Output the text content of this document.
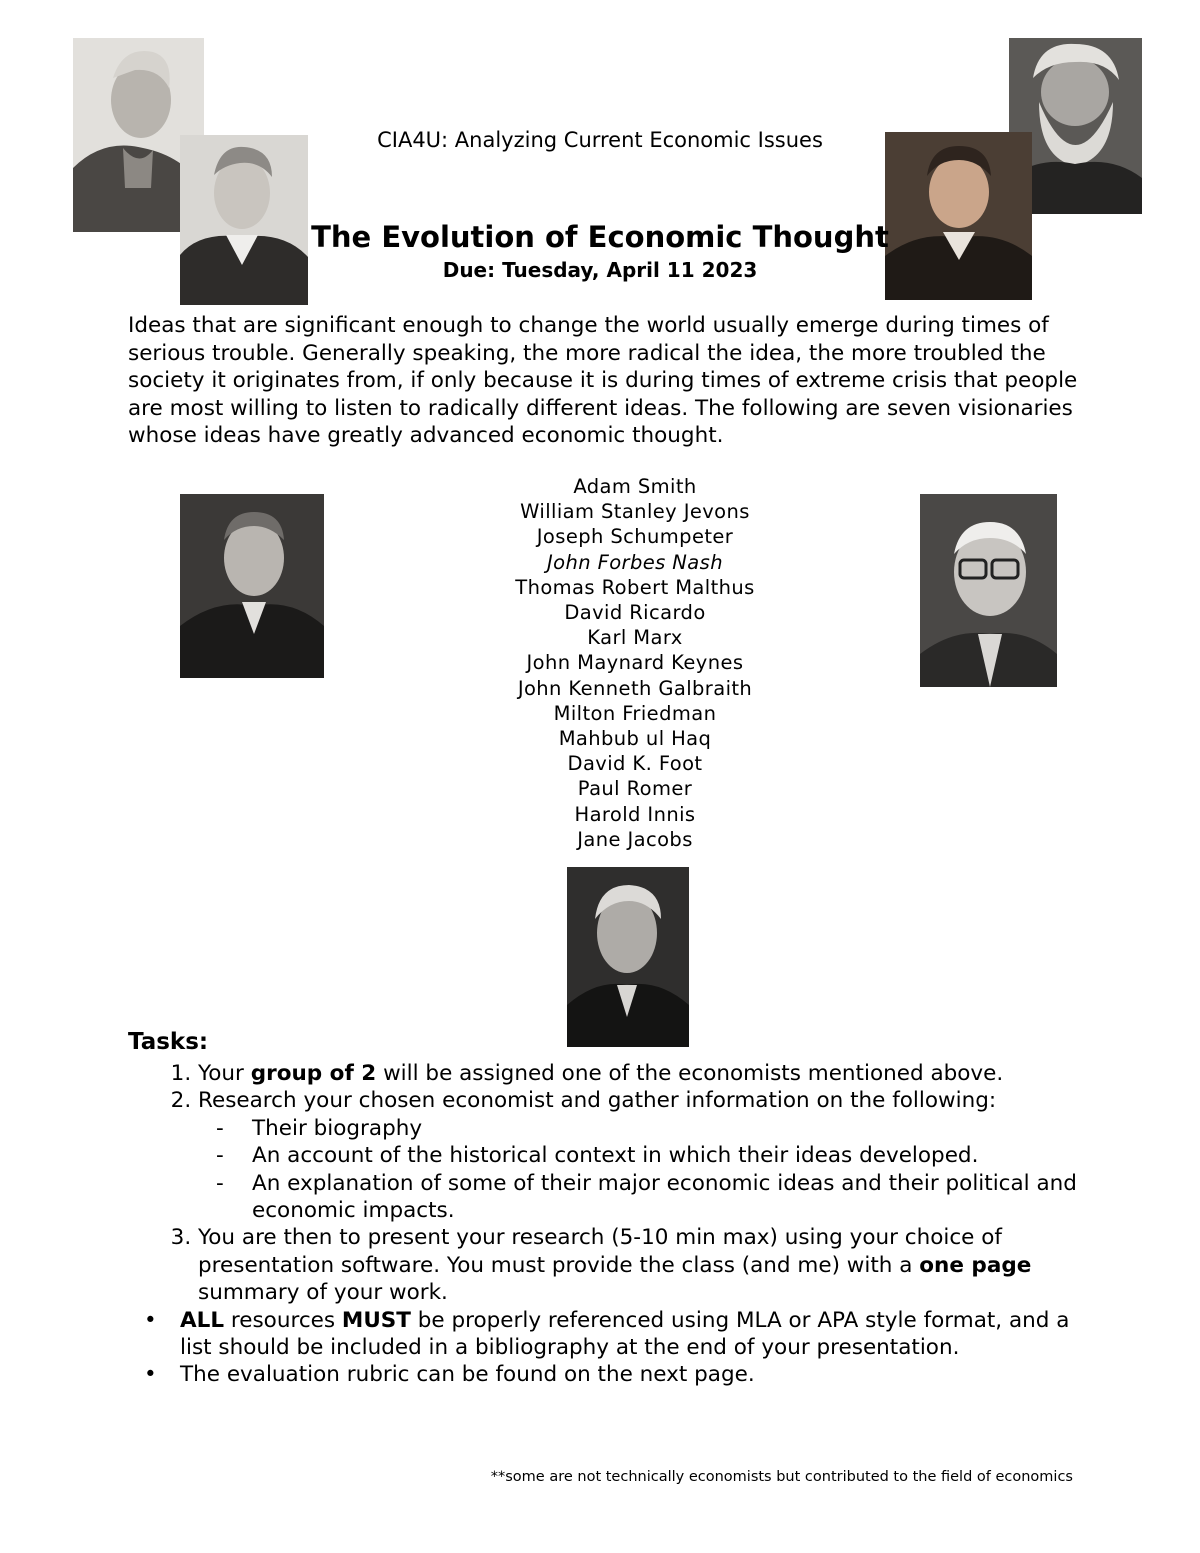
CIA4U: Analyzing Current Economic Issues
The Evolution of Economic Thought
Due: Tuesday, April 11 2023

Ideas that are significant enough to change the world usually emerge during times of serious trouble. Generally speaking, the more radical the idea, the more troubled the society it originates from, if only because it is during times of extreme crisis that people are most willing to listen to radically different ideas. The following are seven visionaries whose ideas have greatly advanced economic thought.

Adam Smith
William Stanley Jevons
Joseph Schumpeter
John Forbes Nash
Thomas Robert Malthus
David Ricardo
Karl Marx
John Maynard Keynes
John Kenneth Galbraith
Milton Friedman
Mahbub ul Haq
David K. Foot
Paul Romer
Harold Innis
Jane Jacobs
Tasks:
1. Your group of 2 will be assigned one of the economists mentioned above.
2. Research your chosen economist and gather information on the following:
- Their biography
- An account of the historical context in which their ideas developed.
- An explanation of some of their major economic ideas and their political and economic impacts.
3. You are then to present your research (5-10 min max) using your choice of presentation software. You must provide the class (and me) with a one page summary of your work.
• ALL resources MUST be properly referenced using MLA or APA style format, and a list should be included in a bibliography at the end of your presentation.
• The evaluation rubric can be found on the next page.
**some are not technically economists but contributed to the field of economics
